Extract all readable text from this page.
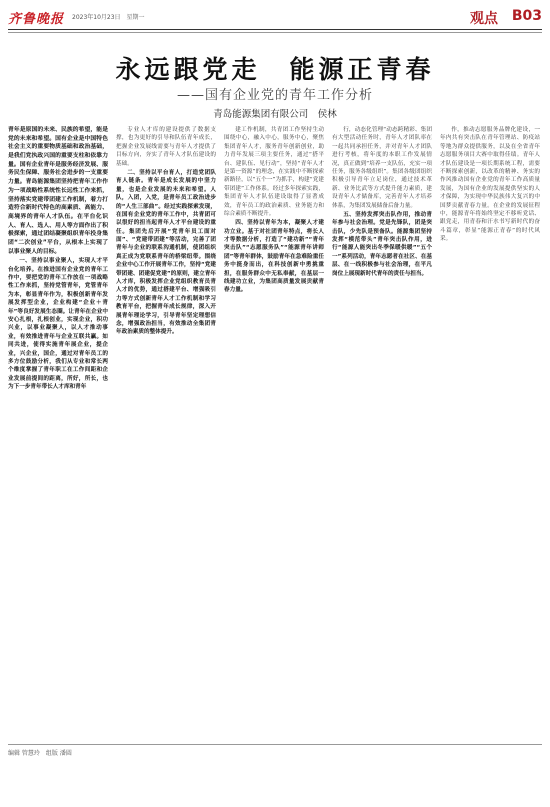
齐鲁晚报 2023年10月23日　星期一	观点 B03
永远跟党走　能源正青春
——国有企业党的青年工作分析
青岛能源集团有限公司　侯林

青年是原国的未来、民族的希望，能是党的未来和希望。国有企业是中国特色社会主义的重要物质基础和政治基础，是我们党执政兴国的重要支柱和依靠力量。国有企业青年是服务经济发展、服务民生保障、服务社会进步的一支重要力量。青岛能源集团坚持把青年工作作为一项战略性系统性长远性工作来抓，坚持落实党建带团建工作机制，着力打造符合新时代特色的高素质、高能力、高境界的青年人才队伍。在平台化识人、育人、选人、用人等方面作出了积极探索，通过团结凝聚组织青年投身集团“二次创业”平台，从根本上实现了以事业聚人的目标。

一、坚持以事业聚人，实现人才平台化培养。在推进国有企业党的青年工作中，要把党的青年工作放在一项战略性工作来抓，坚持党管青年，党管青年为本，彰显青年作为，积极创新青年发展发挥型企业，企业构建“企业＋青年”等良好发展生态圈。让青年在企业中安心扎根，扎根创业，实现企业，积功兴业，以事业凝聚人，以人才推动事业，有效推进青年与企业互联共赢。如同共进，使得实施青年展企业，提企业，兴企业，国企，通过对青年员工的多方位鼓励分析，我们从专业和常长两个维度掌握了青年职工在工作间距和企业发展前提间的距离，所好，所长，也为下一步青年带长人才库和青年

专业人才库的建设提供了数据支撑，也为更好的引导和队伍青年成长，把握企业发展线需要与青年人才提供了目标方向，夯实了青年人才队伍建设的基础。

二、坚持以平台育人，打造党团队育人链条。青年是成长发展的中坚力量，也是企业发展的未来和希望。人队，入团，入党，是青年员工政治进步的“人生三部曲”。经过实践探索发现，在国有企业党的青年工作中，共青团可以很好的担当起青年人才平台建设的重任。集团先后开展“党青年员工面对面”、“党建带团建”等活动，完善了团青年与企业的联系沟通机制，使团组织真正成为党联系青年的桥梁纽带。围绕企业中心工作开展青年工作，坚持“党建带团建、团建促党建”的原则，建立青年人才库，积极发挥企业党组织教育员青人才的优势，通过搭建平台、增强吸引力等方式创新青年人才工作机制和学习教育平台，把握青年成长规律，深入开展青年理论学习，引导青年坚定理想信念，增强政治担当，有效推动全集团青年政治素质的整体提升。

建工作机制，共青团工作坚持生动围绕中心，融入中心，服务中心，聚焦集团青年人才，服务青年创新创业，助力青年发展三项主要任务，通过“搭平台、建队伍、见行动”，坚持“青年人才是第一资源”的理念，在实践中不断探索新路径，以“五个一”为抓手，构建“党建带团建”工作体系。经过多年探索实践，集团青年人才队伍建设取得了显著成效，青年员工的政治素质、业务能力和综合素质不断提升。

四、坚持以青年为本，凝聚人才建功立业。基于对社团青年特点，将长人才等数据分析，打造了“建功新”“青年突击队”“志愿服务队”“能源青年讲师团”等青年群体，鼓励青年在急难险重任务中挺身而出，在科技创新中勇挑重担，在服务群众中无私奉献，在基层一线建功立业，为集团高质量发展贡献青春力量。

行，动态化管理“动态跨精彩、集团有大型活动任务时，青年人才团队率在一起共同承担任务，并对青年人才团队进行考核，将年度的本职工作发展情况，真正做到“培养一支队伍，充实一项任务，服务各级组织”。集团各级团组织积极引导青年立足岗位，通过技术革新、业务比武等方式提升能力素质，建设青年人才储备库，完善青年人才培养体系，为集团发展储备后备力量。

五、坚持发挥突击队作用，推动青年参与社会治理。党是先锋队，团是突击队，少先队是预备队。能源集团坚持发挥“模范带头”青年突击队作用，进行“能源人能突出冬季保暖供暖”“五个一”系列活动，青年志愿者在社区、在基层、在一线积极参与社会治理，在平凡岗位上展现新时代青年的责任与担当。

作，推动志愿服务品牌化建设，一年内共有突击队在青年管理站、防疫站等地为群众提供服务，以及在全省青年志愿服务项目大赛中取得佳绩。青年人才队伍建设是一项长期系统工程，需要不断探索创新，以改革的精神、务实的作风推动国有企业党的青年工作高质量发展，为国有企业的发展提供坚实的人才保障，为实现中华民族伟大复兴的中国梦贡献青春力量。在企业的发展征程中，能源青年将始终坚定不移听党话、跟党走，用青春和汗水书写新时代的奋斗篇章，彰显“能源正青春”的时代风采。

编辑 管慧玲　组版 潘圆
